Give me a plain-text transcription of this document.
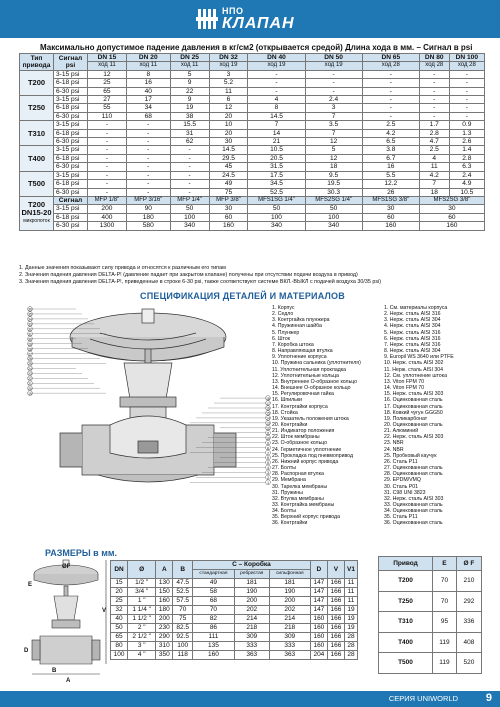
НПО
КЛАПАН
Максимально допустимое падение давления в кг/см2 (открывается средой) Длина хода в мм. – Сигнал в psi
Тип привода	Сигнал psi	DN 15	DN 20	DN 25	DN 32	DN 40	DN 50	DN 65	DN 80	DN 100
		ход 11	ход 11	ход 11	ход 19	ход 19	ход 19	ход 28	ход 28	ход 28
T200	3-15 psi	12	8	5	3	-	-	-	-	-
	6-18 psi	25	16	9	5.2	-	-	-	-	-
	6-30 psi	65	40	22	11	-	-	-	-	-
T250	3-15 psi	27	17	9	6	4	2.4	-	-	-
	6-18 psi	55	34	19	12	8	3	-	-	-
	6-30 psi	110	68	38	20	14.5	7	-	-	-
T310	3-15 psi	-	-	15.5	10	7	3.5	2.5	1.7	0.9
	6-18 psi	-	-	31	20	14	7	4.2	2.8	1.3
	6-30 psi	-	-	62	30	21	12	6.5	4.7	2.6
T400	3-15 psi	-	-	-	14.5	10.5	5	3.8	2.5	1.4
	6-18 psi	-	-	-	29.5	20.5	12	6.7	4	2.8
	6-30 psi	-	-	-	45	31.5	18	16	11	6.3
T500	3-15 psi	-	-	-	24.5	17.5	9.5	5.5	4.2	2.4
	6-18 psi	-	-	-	49	34.5	19.5	12.2	7	4.9
	6-30 psi	-	-	-	75	52.5	30.3	26	18	10.5

T200 DN15-20
микропоток	Сигнал	MFP 1/8"	MFP 3/16"	MFP 1/4"	MFP 3/8"	MFS1SG 1/4"	MFS2SG 1/4"	MFS1SG 3/8"	MFS2SG 3/8"	
	3-15 psi	200	90	50	30	50	50	30	30	
	6-18 psi	400	180	100	60	100	100	60	60	
	6-30 psi	1300	580	340	160	340	340	160	160	
1. Данные значения показывают силу привода и относятся к различным его типам
2. Значения падения давления DELTA-P! (давление падает при закрытом клапане) получены при отсутствии подачи воздуха в привод)
3. Значения падения давления DELTA-P!, приведенные в строке 6-30 psi, также соответствуют системе ВКЛ.-ВЫКЛ с подачей воздуха 30/35 psi)
СПЕЦИФИКАЦИЯ ДЕТАЛЕЙ И МАТЕРИАЛОВ
36
35
34
33
32
31
30
29
28
27
26
25
24
23
22
21
20
19
18
17
16
15
14
13
12
11
10
9
8
7
6
5
4
3
2
1
1. Корпус
2. Седло
3. Контргайка плунжера
4. Пружинная шайба
5. Плунжер
6. Шток
7. Коробка штока
8. Направляющая втулка
9. Уплотнение корпуса
10. Пружина сальника (уплотнителя)
11. Уплотнительная прокладка
12. Уплотнительные кольца
13. Внутреннее О-образное кольцо
14. Внешнее О-образное кольцо
15. Регулировочная гайка
16. Шпильки
17. Контргайки корпуса
18. Стойка
19. Указатель положения штока
20. Контргайки
21. Индикатор положения
22. Шток мембраны
23. О-образное кольцо
24. Герметичное уплотнение
25. Прокладка под пневмопривод
26. Нижний корпус привода
27. Болты
28. Распорная втулка
29. Мембрана
30. Тарелка мембраны
31. Пружины
32. Втулка мембраны
33. Контргайка мембраны
34. Болты
35. Верхний корпус привода
36. Контргайки
1. См. материалы корпуса
2. Нерж. сталь AISI 316
3. Нерж. сталь AISI 304
4. Нерж. сталь AISI 304
5. Нерж. сталь AISI 316
6. Нерж. сталь AISI 316
7. Нерж. сталь AISI 316
8. Нерж. сталь AISI 304
9. Europil WS 3640 или PTFE
10. Нерж. сталь AISI 302
11. Нерж. сталь AISI 304
12. См. уплотнение штока
13. Viton FPM 70
14. Viton FPM 70
15. Нерж. сталь AISI 303
16. Оцинкованная сталь
17. Оцинкованная сталь
18. Ковкий чугун GGG50
19. Поликарбонат
20. Оцинкованная сталь
21. Алюминий
22. Нерж. сталь AISI 303
23. NBR
24. NBR
25. Пробковый каучук
26. Сталь P11
27. Оцинкованная сталь
28. Оцинкованная сталь
29. EPDM/VMQ
30. Сталь P01
31. C98 UNI 3823
32. Нерж. сталь AISI 303
33. Оцинкованная сталь
34. Оцинкованная сталь
35. Сталь P11
36. Оцинкованная сталь
РАЗМЕРЫ в мм.
E
ØF
D
V
B
A
DN	Ø	A	B	C – Коробка			D	V	V1
				стандартная	ребристая	сильфонная			
15	1/2 "	130	47.5	49	181	181	147	166	11
20	3/4 "	150	52.5	58	190	190	147	166	11
25	1 "	160	57.5	68	200	200	147	166	11
32	1 1/4 "	180	70	70	202	202	147	166	19
40	1 1/2 "	200	75	82	214	214	160	166	19
50	2 "	230	82.5	86	218	218	160	166	19
65	2 1/2 "	290	92.5	111	309	309	160	166	28
80	3 "	310	100	135	333	333	160	166	28
100	4 "	350	118	160	363	363	204	166	28
Привод	E	Ø F
T200	70	210
T250	70	292
T310	95	336
T400	119	408
T500	119	520
СЕРИЯ UNIWORLD	9
